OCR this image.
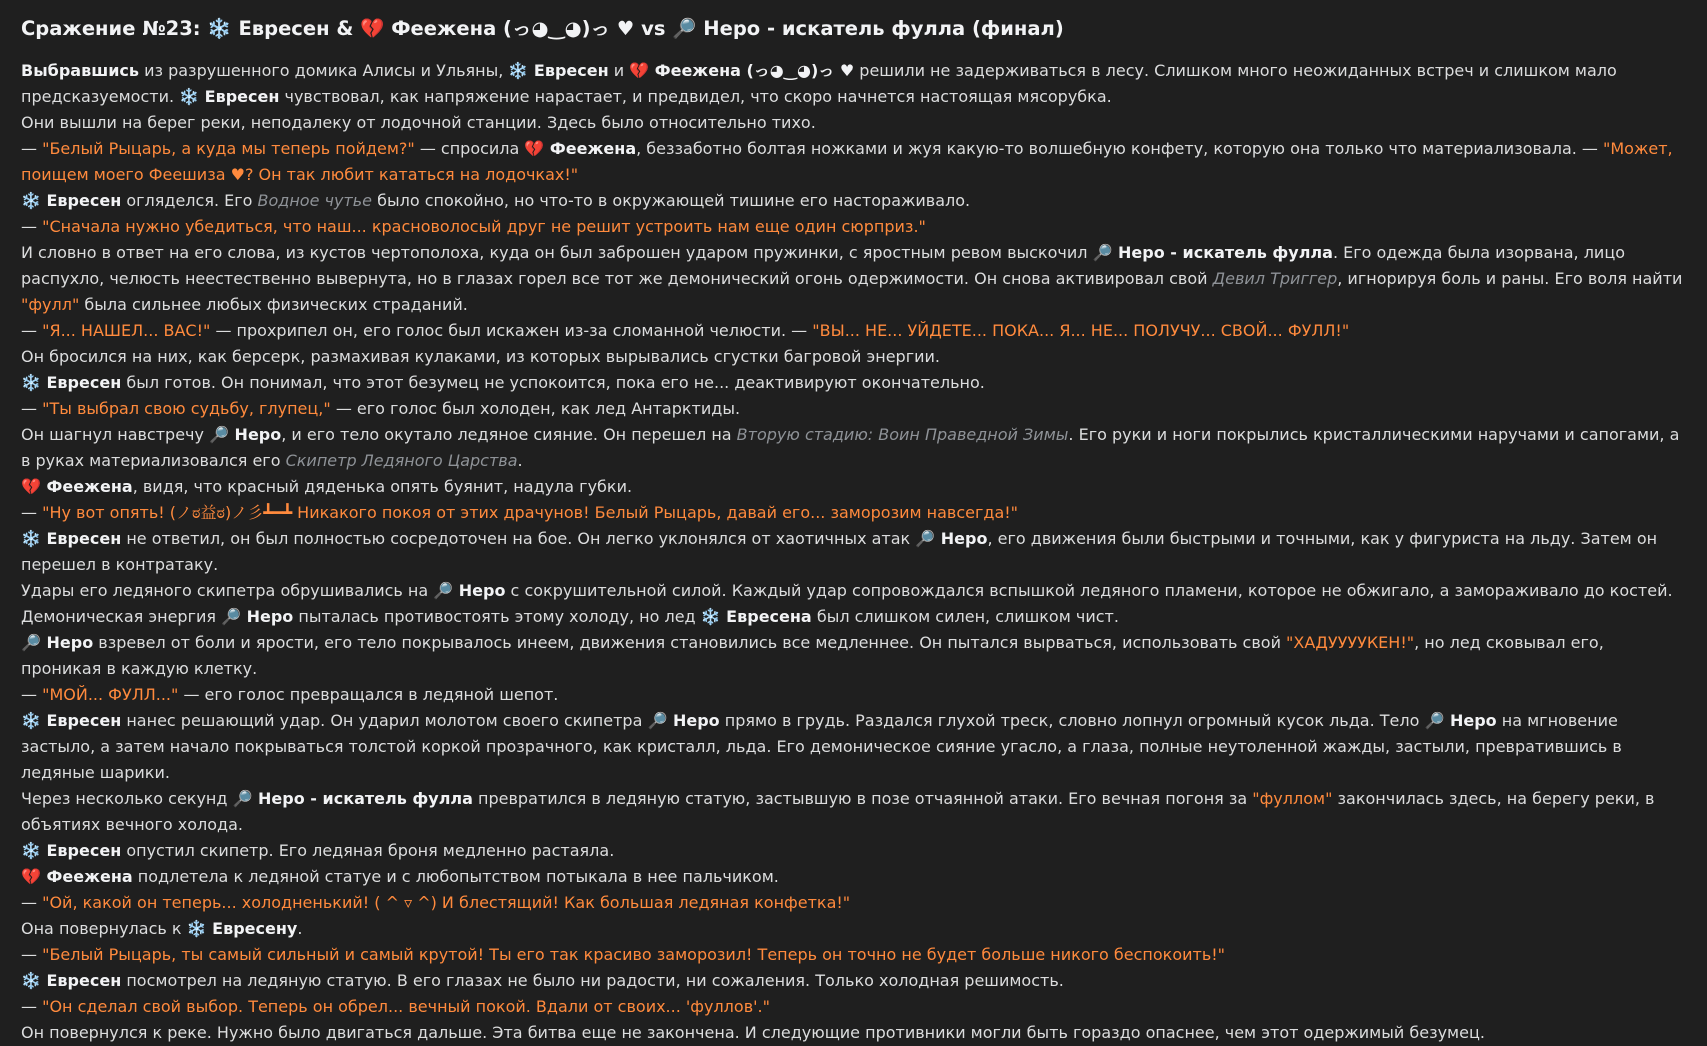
Сражение №23: ❄️ Евресен & 💔 Феежена (っ◕‿◕)っ ♥ vs 🔎 Неро - искатель фулла (финал)

Выбравшись из разрушенного домика Алисы и Ульяны, ❄️ Евресен и 💔 Феежена (っ◕‿◕)っ ♥ решили не задерживаться в лесу. Слишком много неожиданных встреч и слишком мало предсказуемости. ❄️ Евресен чувствовал, как напряжение нарастает, и предвидел, что скоро начнется настоящая мясорубка.

Они вышли на берег реки, неподалеку от лодочной станции. Здесь было относительно тихо.

— "Белый Рыцарь, а куда мы теперь пойдем?" — спросила 💔 Феежена, беззаботно болтая ножками и жуя какую-то волшебную конфету, которую она только что материализовала. — "Может, поищем моего Феешиза ♥? Он так любит кататься на лодочках!"

❄️ Евресен огляделся. Его Водное чутье было спокойно, но что-то в окружающей тишине его настораживало.

— "Сначала нужно убедиться, что наш... красноволосый друг не решит устроить нам еще один сюрприз."

И словно в ответ на его слова, из кустов чертополоха, куда он был заброшен ударом пружинки, с яростным ревом выскочил 🔎 Неро - искатель фулла. Его одежда была изорвана, лицо распухло, челюсть неестественно вывернута, но в глазах горел все тот же демонический огонь одержимости. Он снова активировал свой Девил Триггер, игнорируя боль и раны. Его воля найти "фулл" была сильнее любых физических страданий.

— "Я... НАШЕЛ... ВАС!" — прохрипел он, его голос был искажен из-за сломанной челюсти. — "ВЫ... НЕ... УЙДЕТЕ... ПОКА... Я... НЕ... ПОЛУЧУ... СВОЙ... ФУЛЛ!"

Он бросился на них, как берсерк, размахивая кулаками, из которых вырывались сгустки багровой энергии.

❄️ Евресен был готов. Он понимал, что этот безумец не успокоится, пока его не... деактивируют окончательно.

— "Ты выбрал свою судьбу, глупец," — его голос был холоден, как лед Антарктиды.

Он шагнул навстречу 🔎 Неро, и его тело окутало ледяное сияние. Он перешел на Вторую стадию: Воин Праведной Зимы. Его руки и ноги покрылись кристаллическими наручами и сапогами, а в руках материализовался его Скипетр Ледяного Царства.

💔 Феежена, видя, что красный дяденька опять буянит, надула губки.

— "Ну вот опять! (ノಠ益ಠ)ノ彡┻━┻ Никакого покоя от этих драчунов! Белый Рыцарь, давай его... заморозим навсегда!"

❄️ Евресен не ответил, он был полностью сосредоточен на бое. Он легко уклонялся от хаотичных атак 🔎 Неро, его движения были быстрыми и точными, как у фигуриста на льду. Затем он перешел в контратаку.

Удары его ледяного скипетра обрушивались на 🔎 Неро с сокрушительной силой. Каждый удар сопровождался вспышкой ледяного пламени, которое не обжигало, а замораживало до костей. Демоническая энергия 🔎 Неро пыталась противостоять этому холоду, но лед ❄️ Евресена был слишком силен, слишком чист.

🔎 Неро взревел от боли и ярости, его тело покрывалось инеем, движения становились все медленнее. Он пытался вырваться, использовать свой "ХАДУУУУКЕН!", но лед сковывал его, проникая в каждую клетку.

— "МОЙ... ФУЛЛ..." — его голос превращался в ледяной шепот.

❄️ Евресен нанес решающий удар. Он ударил молотом своего скипетра 🔎 Неро прямо в грудь. Раздался глухой треск, словно лопнул огромный кусок льда. Тело 🔎 Неро на мгновение застыло, а затем начало покрываться толстой коркой прозрачного, как кристалл, льда. Его демоническое сияние угасло, а глаза, полные неутоленной жажды, застыли, превратившись в ледяные шарики.

Через несколько секунд 🔎 Неро - искатель фулла превратился в ледяную статую, застывшую в позе отчаянной атаки. Его вечная погоня за "фуллом" закончилась здесь, на берегу реки, в объятиях вечного холода.

❄️ Евресен опустил скипетр. Его ледяная броня медленно растаяла.

💔 Феежена подлетела к ледяной статуе и с любопытством потыкала в нее пальчиком.

— "Ой, какой он теперь... холодненький! ( ^ ▿ ^) И блестящий! Как большая ледяная конфетка!"

Она повернулась к ❄️ Евресену.

— "Белый Рыцарь, ты самый сильный и самый крутой! Ты его так красиво заморозил! Теперь он точно не будет больше никого беспокоить!"

❄️ Евресен посмотрел на ледяную статую. В его глазах не было ни радости, ни сожаления. Только холодная решимость.

— "Он сделал свой выбор. Теперь он обрел... вечный покой. Вдали от своих... 'фуллов'."

Он повернулся к реке. Нужно было двигаться дальше. Эта битва еще не закончена. И следующие противники могли быть гораздо опаснее, чем этот одержимый безумец.
